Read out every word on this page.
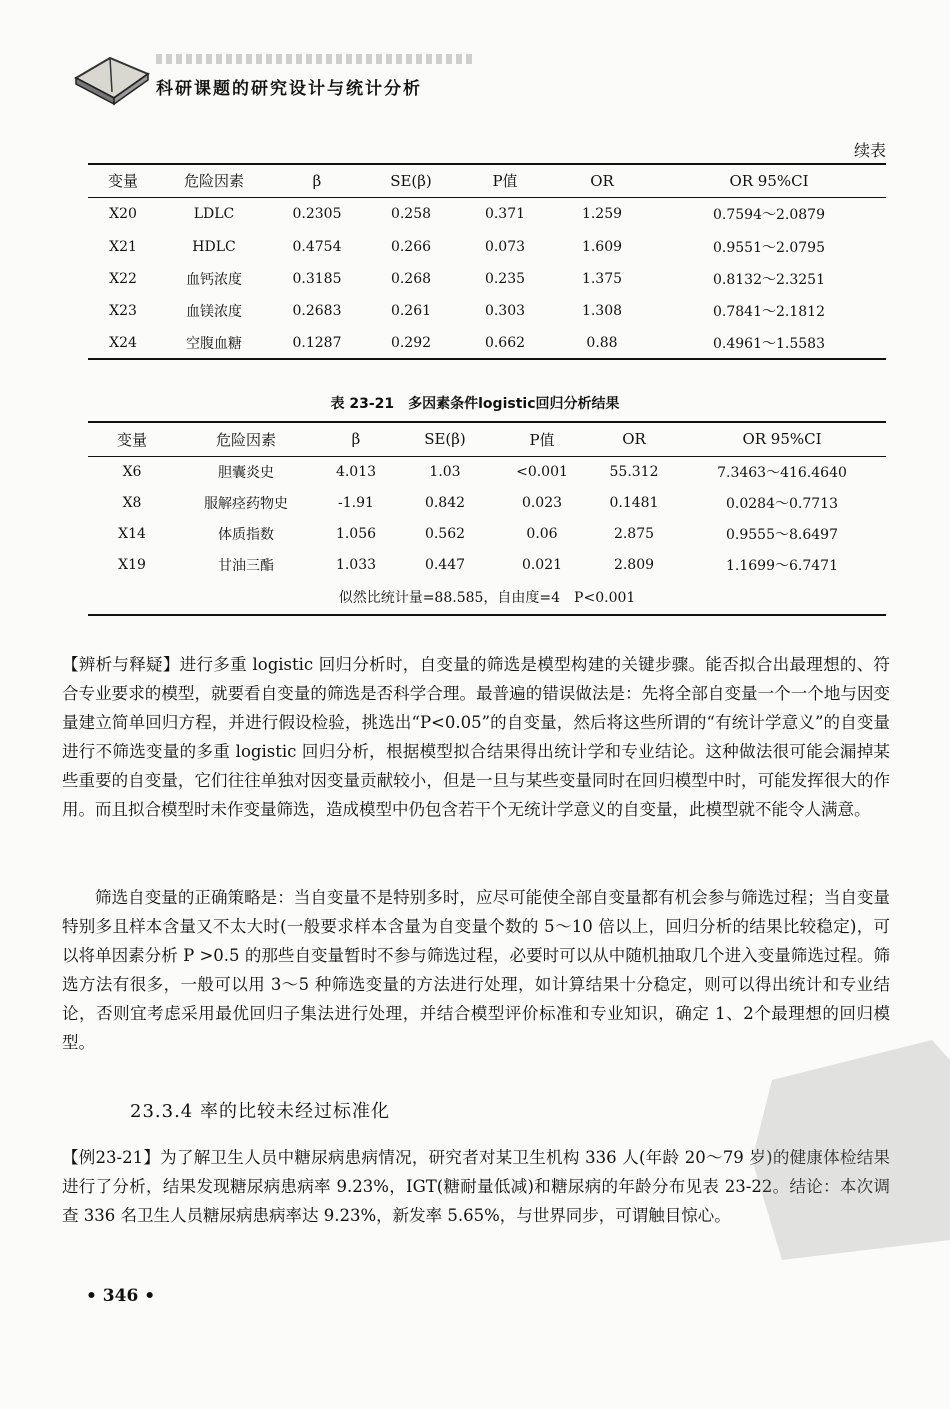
科研课题的研究设计与统计分析
续表
变量	危险因素	β	SE(β)	P值	OR	OR 95%CI
X20	LDLC	0.2305	0.258	0.371	1.259	0.7594～2.0879
X21	HDLC	0.4754	0.266	0.073	1.609	0.9551～2.0795
X22	血钙浓度	0.3185	0.268	0.235	1.375	0.8132～2.3251
X23	血镁浓度	0.2683	0.261	0.303	1.308	0.7841～2.1812
X24	空腹血糖	0.1287	0.292	0.662	0.88	0.4961～1.5583
表 23-21　多因素条件logistic回归分析结果
变量	危险因素	β	SE(β)	P值	OR	OR 95%CI
X6	胆囊炎史	4.013	1.03	<0.001	55.312	7.3463～416.4640
X8	服解痉药物史	-1.91	0.842	0.023	0.1481	0.0284～0.7713
X14	体质指数	1.056	0.562	0.06	2.875	0.9555～8.6497
X19	甘油三酯	1.033	0.447	0.021	2.809	1.1699～6.7471
似然比统计量=88.585，自由度=4　P<0.001						
【辨析与释疑】进行多重 logistic 回归分析时，自变量的筛选是模型构建的关键步骤。能否拟合出最理想的、符合专业要求的模型，就要看自变量的筛选是否科学合理。最普遍的错误做法是：先将全部自变量一个一个地与因变量建立简单回归方程，并进行假设检验，挑选出“P<0.05”的自变量，然后将这些所谓的“有统计学意义”的自变量进行不筛选变量的多重 logistic 回归分析，根据模型拟合结果得出统计学和专业结论。这种做法很可能会漏掉某些重要的自变量，它们往往单独对因变量贡献较小，但是一旦与某些变量同时在回归模型中时，可能发挥很大的作用。而且拟合模型时未作变量筛选，造成模型中仍包含若干个无统计学意义的自变量，此模型就不能令人满意。
筛选自变量的正确策略是：当自变量不是特别多时，应尽可能使全部自变量都有机会参与筛选过程；当自变量特别多且样本含量又不太大时(一般要求样本含量为自变量个数的 5～10 倍以上，回归分析的结果比较稳定)，可以将单因素分析 P >0.5 的那些自变量暂时不参与筛选过程，必要时可以从中随机抽取几个进入变量筛选过程。筛选方法有很多，一般可以用 3～5 种筛选变量的方法进行处理，如计算结果十分稳定，则可以得出统计和专业结论，否则宜考虑采用最优回归子集法进行处理，并结合模型评价标准和专业知识，确定 1、2个最理想的回归模型。
23.3.4 率的比较未经过标准化
【例23-21】为了解卫生人员中糖尿病患病情况，研究者对某卫生机构 336 人(年龄 20～79 岁)的健康体检结果进行了分析，结果发现糖尿病患病率 9.23%，IGT(糖耐量低减)和糖尿病的年龄分布见表 23-22。结论：本次调查 336 名卫生人员糖尿病患病率达 9.23%，新发率 5.65%，与世界同步，可谓触目惊心。
• 346 •
